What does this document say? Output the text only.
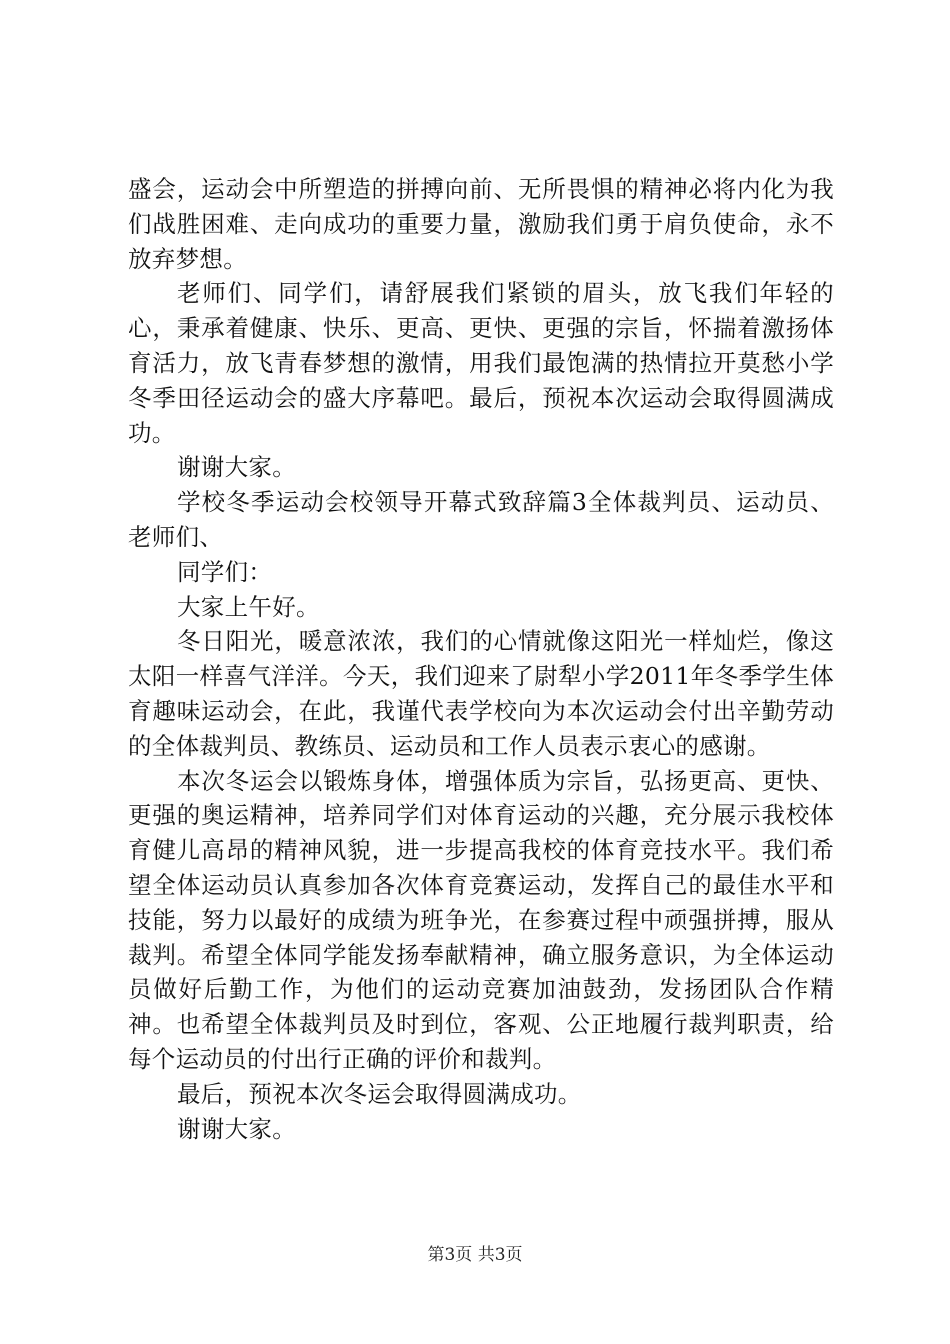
盛会，运动会中所塑造的拼搏向前、无所畏惧的精神必将内化为我们战胜困难、走向成功的重要力量，激励我们勇于肩负使命，永不放弃梦想。

老师们、同学们，请舒展我们紧锁的眉头，放飞我们年轻的心，秉承着健康、快乐、更高、更快、更强的宗旨，怀揣着激扬体育活力，放飞青春梦想的激情，用我们最饱满的热情拉开莫愁小学冬季田径运动会的盛大序幕吧。最后，预祝本次运动会取得圆满成功。

谢谢大家。

学校冬季运动会校领导开幕式致辞篇3全体裁判员、运动员、老师们、

同学们：

大家上午好。

冬日阳光，暖意浓浓，我们的心情就像这阳光一样灿烂，像这太阳一样喜气洋洋。今天，我们迎来了尉犁小学2011年冬季学生体育趣味运动会，在此，我谨代表学校向为本次运动会付出辛勤劳动的全体裁判员、教练员、运动员和工作人员表示衷心的感谢。

本次冬运会以锻炼身体，增强体质为宗旨，弘扬更高、更快、更强的奥运精神，培养同学们对体育运动的兴趣，充分展示我校体育健儿高昂的精神风貌，进一步提高我校的体育竞技水平。我们希望全体运动员认真参加各次体育竞赛运动，发挥自己的最佳水平和技能，努力以最好的成绩为班争光，在参赛过程中顽强拼搏，服从裁判。希望全体同学能发扬奉献精神，确立服务意识，为全体运动员做好后勤工作，为他们的运动竞赛加油鼓劲，发扬团队合作精神。也希望全体裁判员及时到位，客观、公正地履行裁判职责，给每个运动员的付出行正确的评价和裁判。

最后，预祝本次冬运会取得圆满成功。

谢谢大家。

第3页 共3页
